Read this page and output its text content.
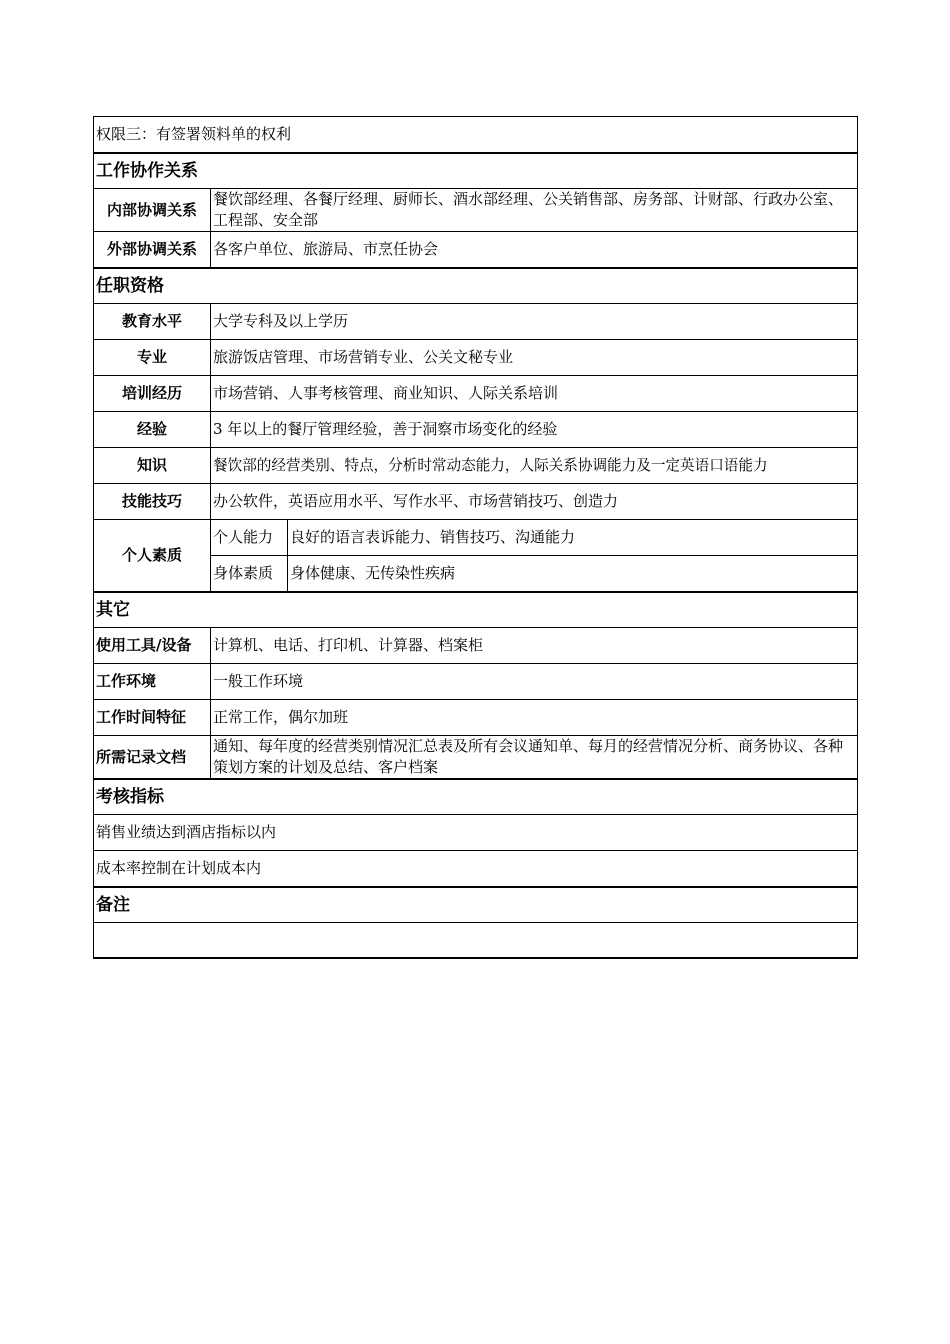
权限三：有签署领料单的权利		
工作协作关系		
内部协调关系	餐饮部经理、各餐厅经理、厨师长、酒水部经理、公关销售部、房务部、计财部、行政办公室、工程部、安全部	
外部协调关系	各客户单位、旅游局、市烹任协会	
任职资格		
教育水平	大学专科及以上学历	
专业	旅游饭店管理、市场营销专业、公关文秘专业	
培训经历	市场营销、人事考核管理、商业知识、人际关系培训	
经验	3 年以上的餐厅管理经验，善于洞察市场变化的经验	
知识	餐饮部的经营类别、特点，分析时常动态能力，人际关系协调能力及一定英语口语能力	
技能技巧	办公软件，英语应用水平、写作水平、市场营销技巧、创造力	
个人素质	个人能力	良好的语言表诉能力、销售技巧、沟通能力
	身体素质	身体健康、无传染性疾病
其它		
使用工具/设备	计算机、电话、打印机、计算器、档案柜	
工作环境	一般工作环境	
工作时间特征	正常工作，偶尔加班	
所需记录文档	通知、每年度的经营类别情况汇总表及所有会议通知单、每月的经营情况分析、商务协议、各种策划方案的计划及总结、客户档案	
考核指标		
销售业绩达到酒店指标以内		
成本率控制在计划成本内		
备注		
